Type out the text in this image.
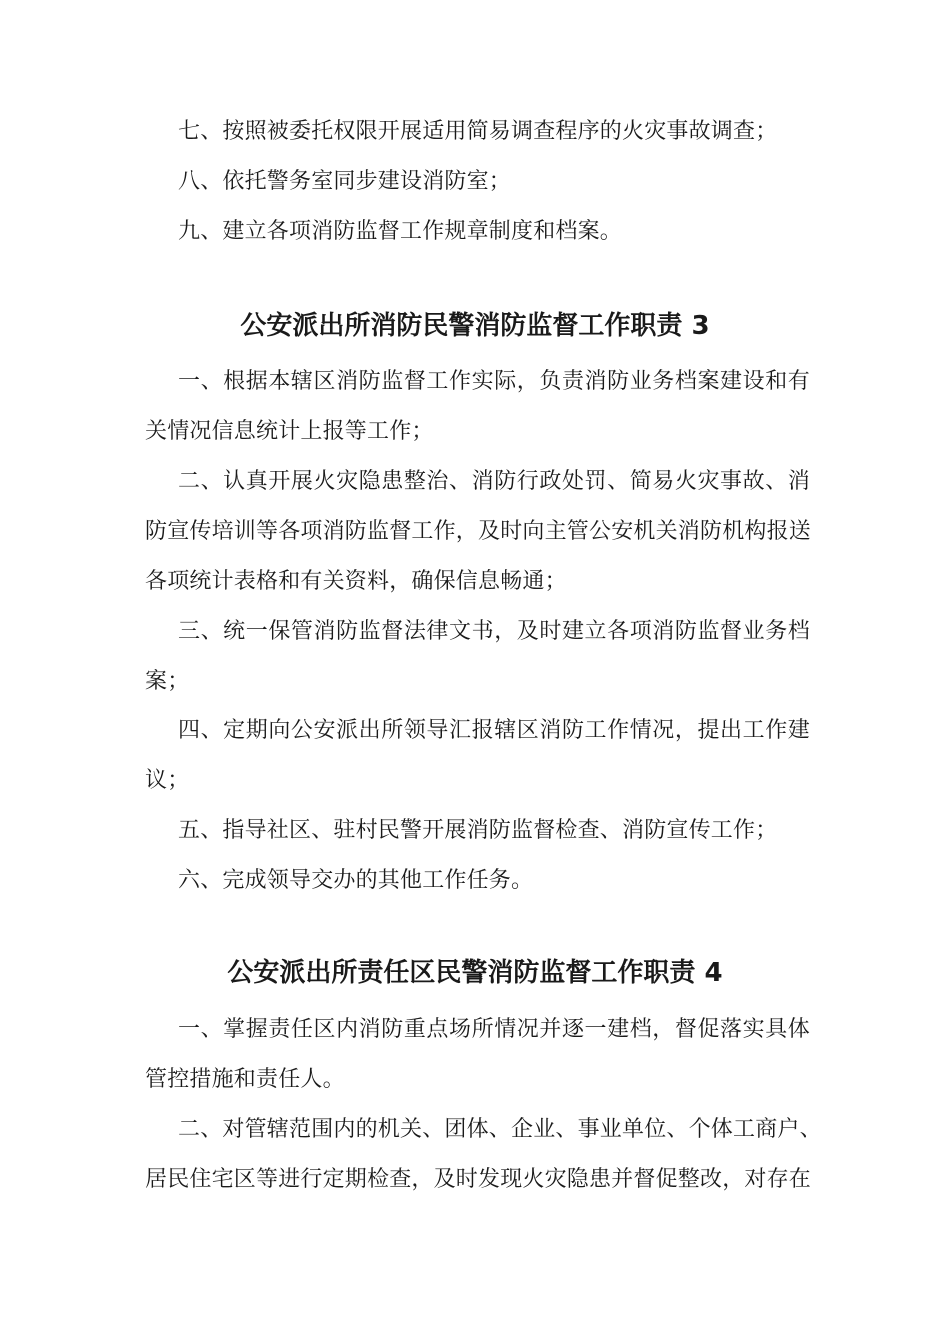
七、按照被委托权限开展适用简易调查程序的火灾事故调查；
八、依托警务室同步建设消防室；
九、建立各项消防监督工作规章制度和档案。
公安派出所消防民警消防监督工作职责 3
一、根据本辖区消防监督工作实际，负责消防业务档案建设和有
关情况信息统计上报等工作；
二、认真开展火灾隐患整治、消防行政处罚、简易火灾事故、消
防宣传培训等各项消防监督工作，及时向主管公安机关消防机构报送
各项统计表格和有关资料，确保信息畅通；
三、统一保管消防监督法律文书，及时建立各项消防监督业务档
案；
四、定期向公安派出所领导汇报辖区消防工作情况，提出工作建
议；
五、指导社区、驻村民警开展消防监督检查、消防宣传工作；
六、完成领导交办的其他工作任务。
公安派出所责任区民警消防监督工作职责 4
一、掌握责任区内消防重点场所情况并逐一建档，督促落实具体
管控措施和责任人。
二、对管辖范围内的机关、团体、企业、事业单位、个体工商户、
居民住宅区等进行定期检查，及时发现火灾隐患并督促整改，对存在
